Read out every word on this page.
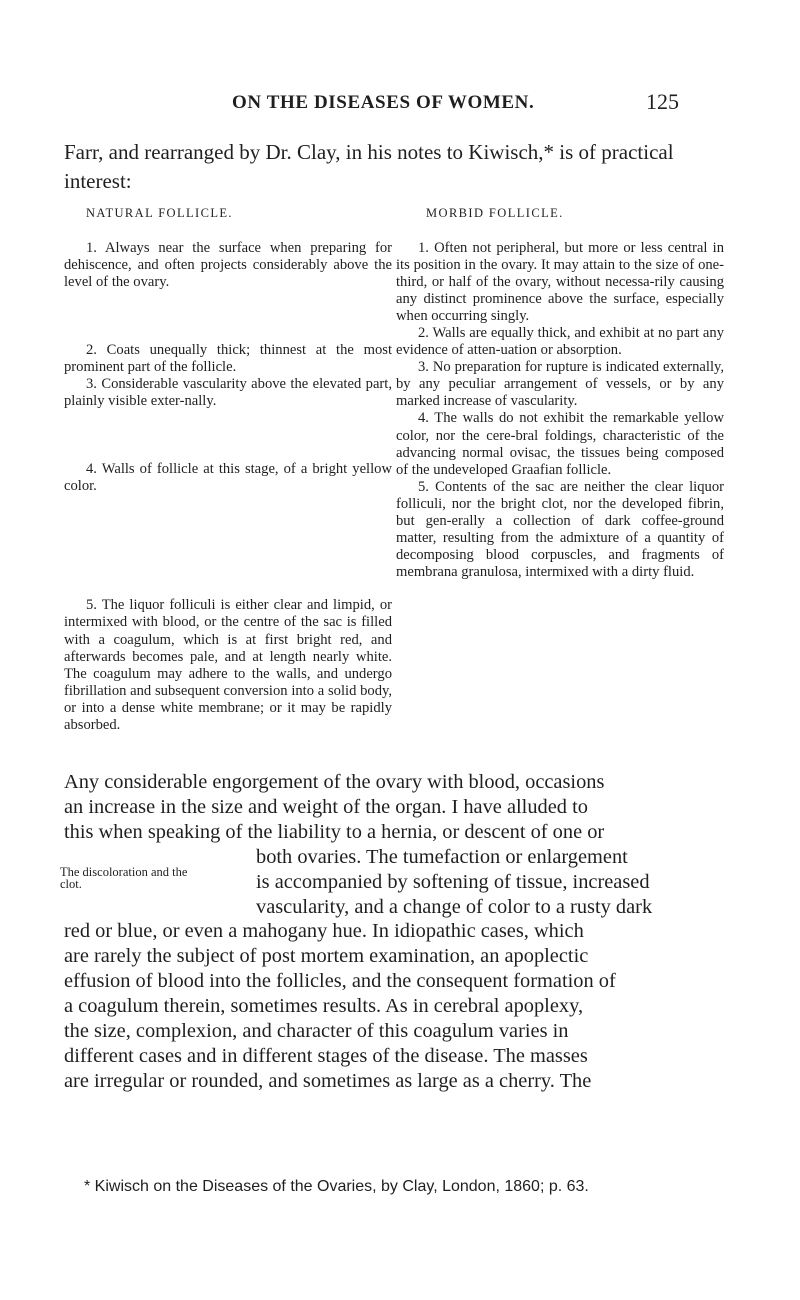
ON THE DISEASES OF WOMEN.	125

Farr, and rearranged by Dr. Clay, in his notes to Kiwisch,* is of practical interest:

NATURAL FOLLICLE.	MORBID FOLLICLE.

1. Always near the surface when preparing for dehiscence, and often projects considerably above the level of the ovary.

2. Coats unequally thick; thinnest at the most prominent part of the follicle.

3. Considerable vascularity above the elevated part, plainly visible exter-nally.

4. Walls of follicle at this stage, of a bright yellow color.

5. The liquor folliculi is either clear and limpid, or intermixed with blood, or the centre of the sac is filled with a coagulum, which is at first bright red, and afterwards becomes pale, and at length nearly white. The coagulum may adhere to the walls, and undergo fibrillation and subsequent conversion into a solid body, or into a dense white membrane; or it may be rapidly absorbed.

1. Often not peripheral, but more or less central in its position in the ovary. It may attain to the size of one-third, or half of the ovary, without necessa-rily causing any distinct prominence above the surface, especially when occurring singly.

2. Walls are equally thick, and exhibit at no part any evidence of atten-uation or absorption.

3. No preparation for rupture is indicated externally, by any peculiar arrangement of vessels, or by any marked increase of vascularity.

4. The walls do not exhibit the remarkable yellow color, nor the cere-bral foldings, characteristic of the advancing normal ovisac, the tissues being composed of the undeveloped Graafian follicle.

5. Contents of the sac are neither the clear liquor folliculi, nor the bright clot, nor the developed fibrin, but gen-erally a collection of dark coffee-ground matter, resulting from the admixture of a quantity of decomposing blood corpuscles, and fragments of membrana granulosa, intermixed with a dirty fluid.

Any considerable engorgement of the ovary with blood, occasions
an increase in the size and weight of the organ. I have alluded to
this when speaking of the liability to a hernia, or descent of one or
both ovaries. The tumefaction or enlargement
is accompanied by softening of tissue, increased
vascularity, and a change of color to a rusty dark
red or blue, or even a mahogany hue. In idiopathic cases, which
are rarely the subject of post mortem examination, an apoplectic
effusion of blood into the follicles, and the consequent formation of
a coagulum therein, sometimes results. As in cerebral apoplexy,
the size, complexion, and character of this coagulum varies in
different cases and in different stages of the disease. The masses
are irregular or rounded, and sometimes as large as a cherry. The
The discoloration and the clot.
* Kiwisch on the Diseases of the Ovaries, by Clay, London, 1860; p. 63.
